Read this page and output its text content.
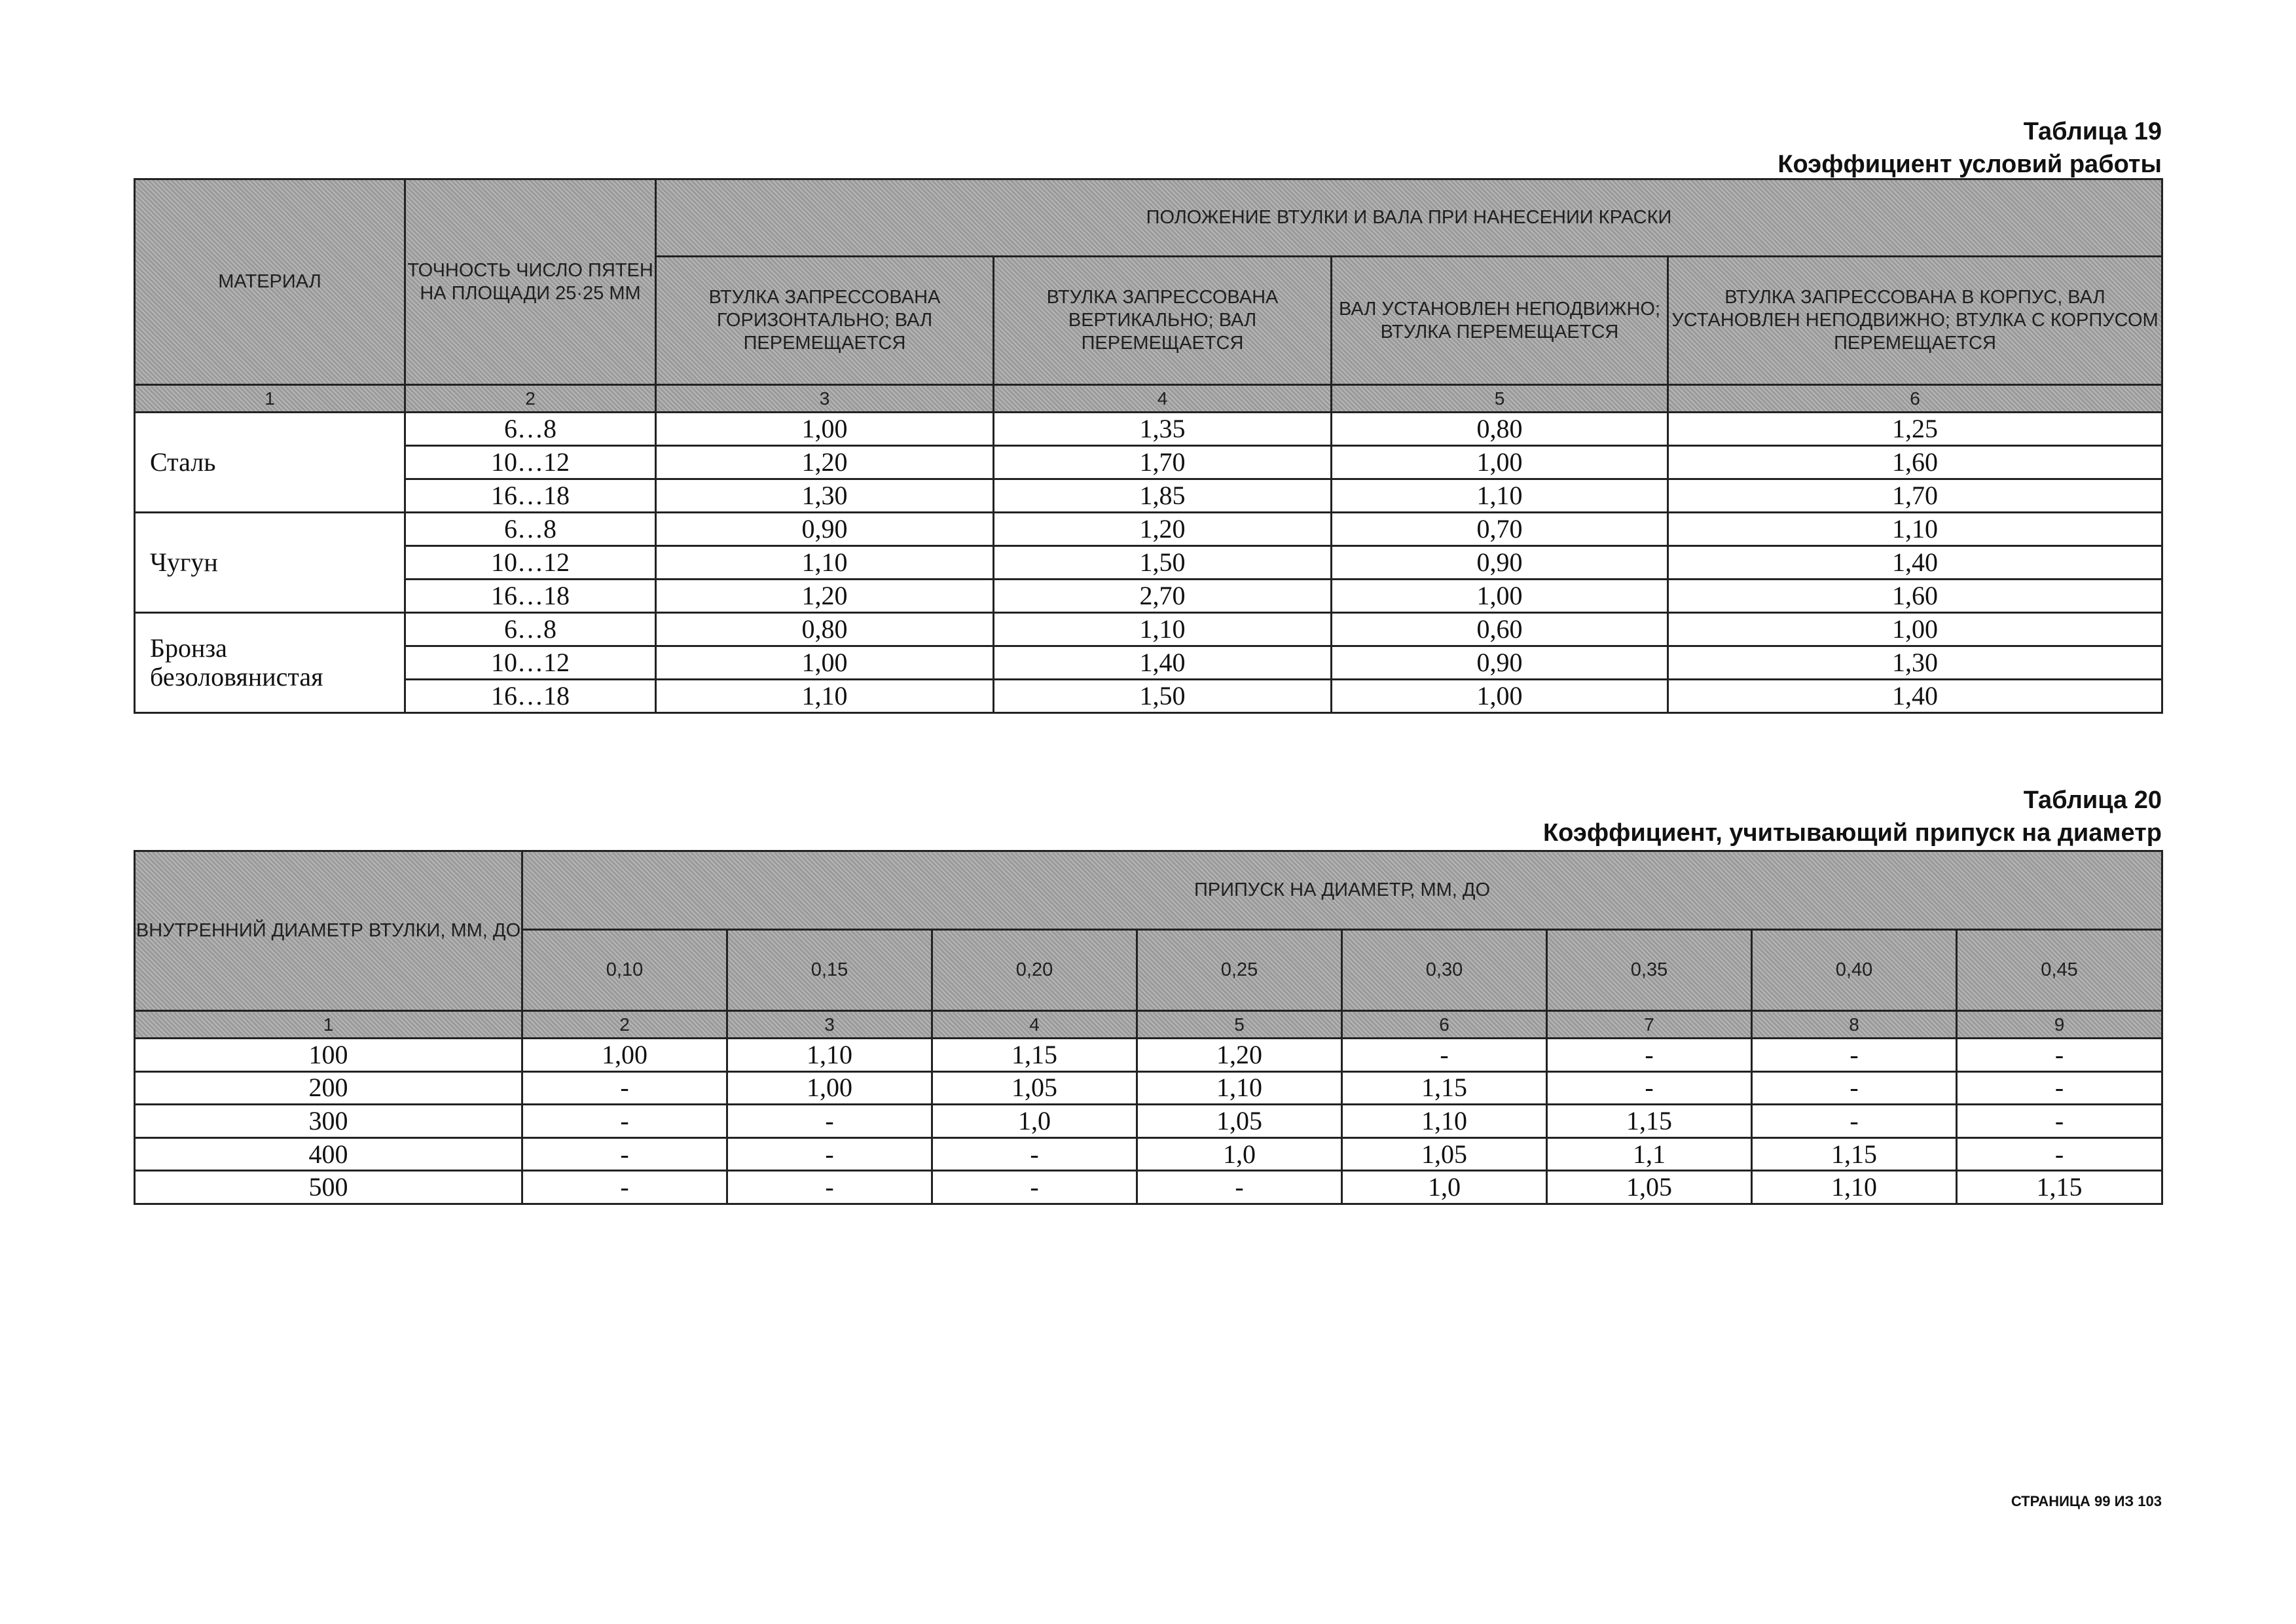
Таблица 19
Коэффициент условий работы
МАТЕРИАЛ	ТОЧНОСТЬ ЧИСЛО ПЯТЕН НА ПЛОЩАДИ 25·25 ММ	ПОЛОЖЕНИЕ ВТУЛКИ И ВАЛА ПРИ НАНЕСЕНИИ КРАСКИ			
		ВТУЛКА ЗАПРЕССОВАНА ГОРИЗОНТАЛЬНО; ВАЛ ПЕРЕМЕЩАЕТСЯ	ВТУЛКА ЗАПРЕССОВАНА ВЕРТИКАЛЬНО; ВАЛ ПЕРЕМЕЩАЕТСЯ	ВАЛ УСТАНОВЛЕН НЕПОДВИЖНО; ВТУЛКА ПЕРЕМЕЩАЕТСЯ	ВТУЛКА ЗАПРЕССОВАНА В КОРПУС, ВАЛ УСТАНОВЛЕН НЕПОДВИЖНО; ВТУЛКА С КОРПУСОМ ПЕРЕМЕЩАЕТСЯ
1	2	3	4	5	6
Сталь	6…8	1,00	1,35	0,80	1,25
	10…12	1,20	1,70	1,00	1,60
	16…18	1,30	1,85	1,10	1,70
Чугун	6…8	0,90	1,20	0,70	1,10
	10…12	1,10	1,50	0,90	1,40
	16…18	1,20	2,70	1,00	1,60
Бронза безоловянистая	6…8	0,80	1,10	0,60	1,00
	10…12	1,00	1,40	0,90	1,30
	16…18	1,10	1,50	1,00	1,40
Таблица 20
Коэффициент, учитывающий припуск на диаметр
ВНУТРЕННИЙ ДИАМЕТР ВТУЛКИ, ММ, ДО	ПРИПУСК НА ДИАМЕТР, ММ, ДО							
	0,10	0,15	0,20	0,25	0,30	0,35	0,40	0,45
1	2	3	4	5	6	7	8	9
100	1,00	1,10	1,15	1,20	-	-	-	-
200	-	1,00	1,05	1,10	1,15	-	-	-
300	-	-	1,0	1,05	1,10	1,15	-	-
400	-	-	-	1,0	1,05	1,1	1,15	-
500	-	-	-	-	1,0	1,05	1,10	1,15
СТРАНИЦА 99 ИЗ 103
